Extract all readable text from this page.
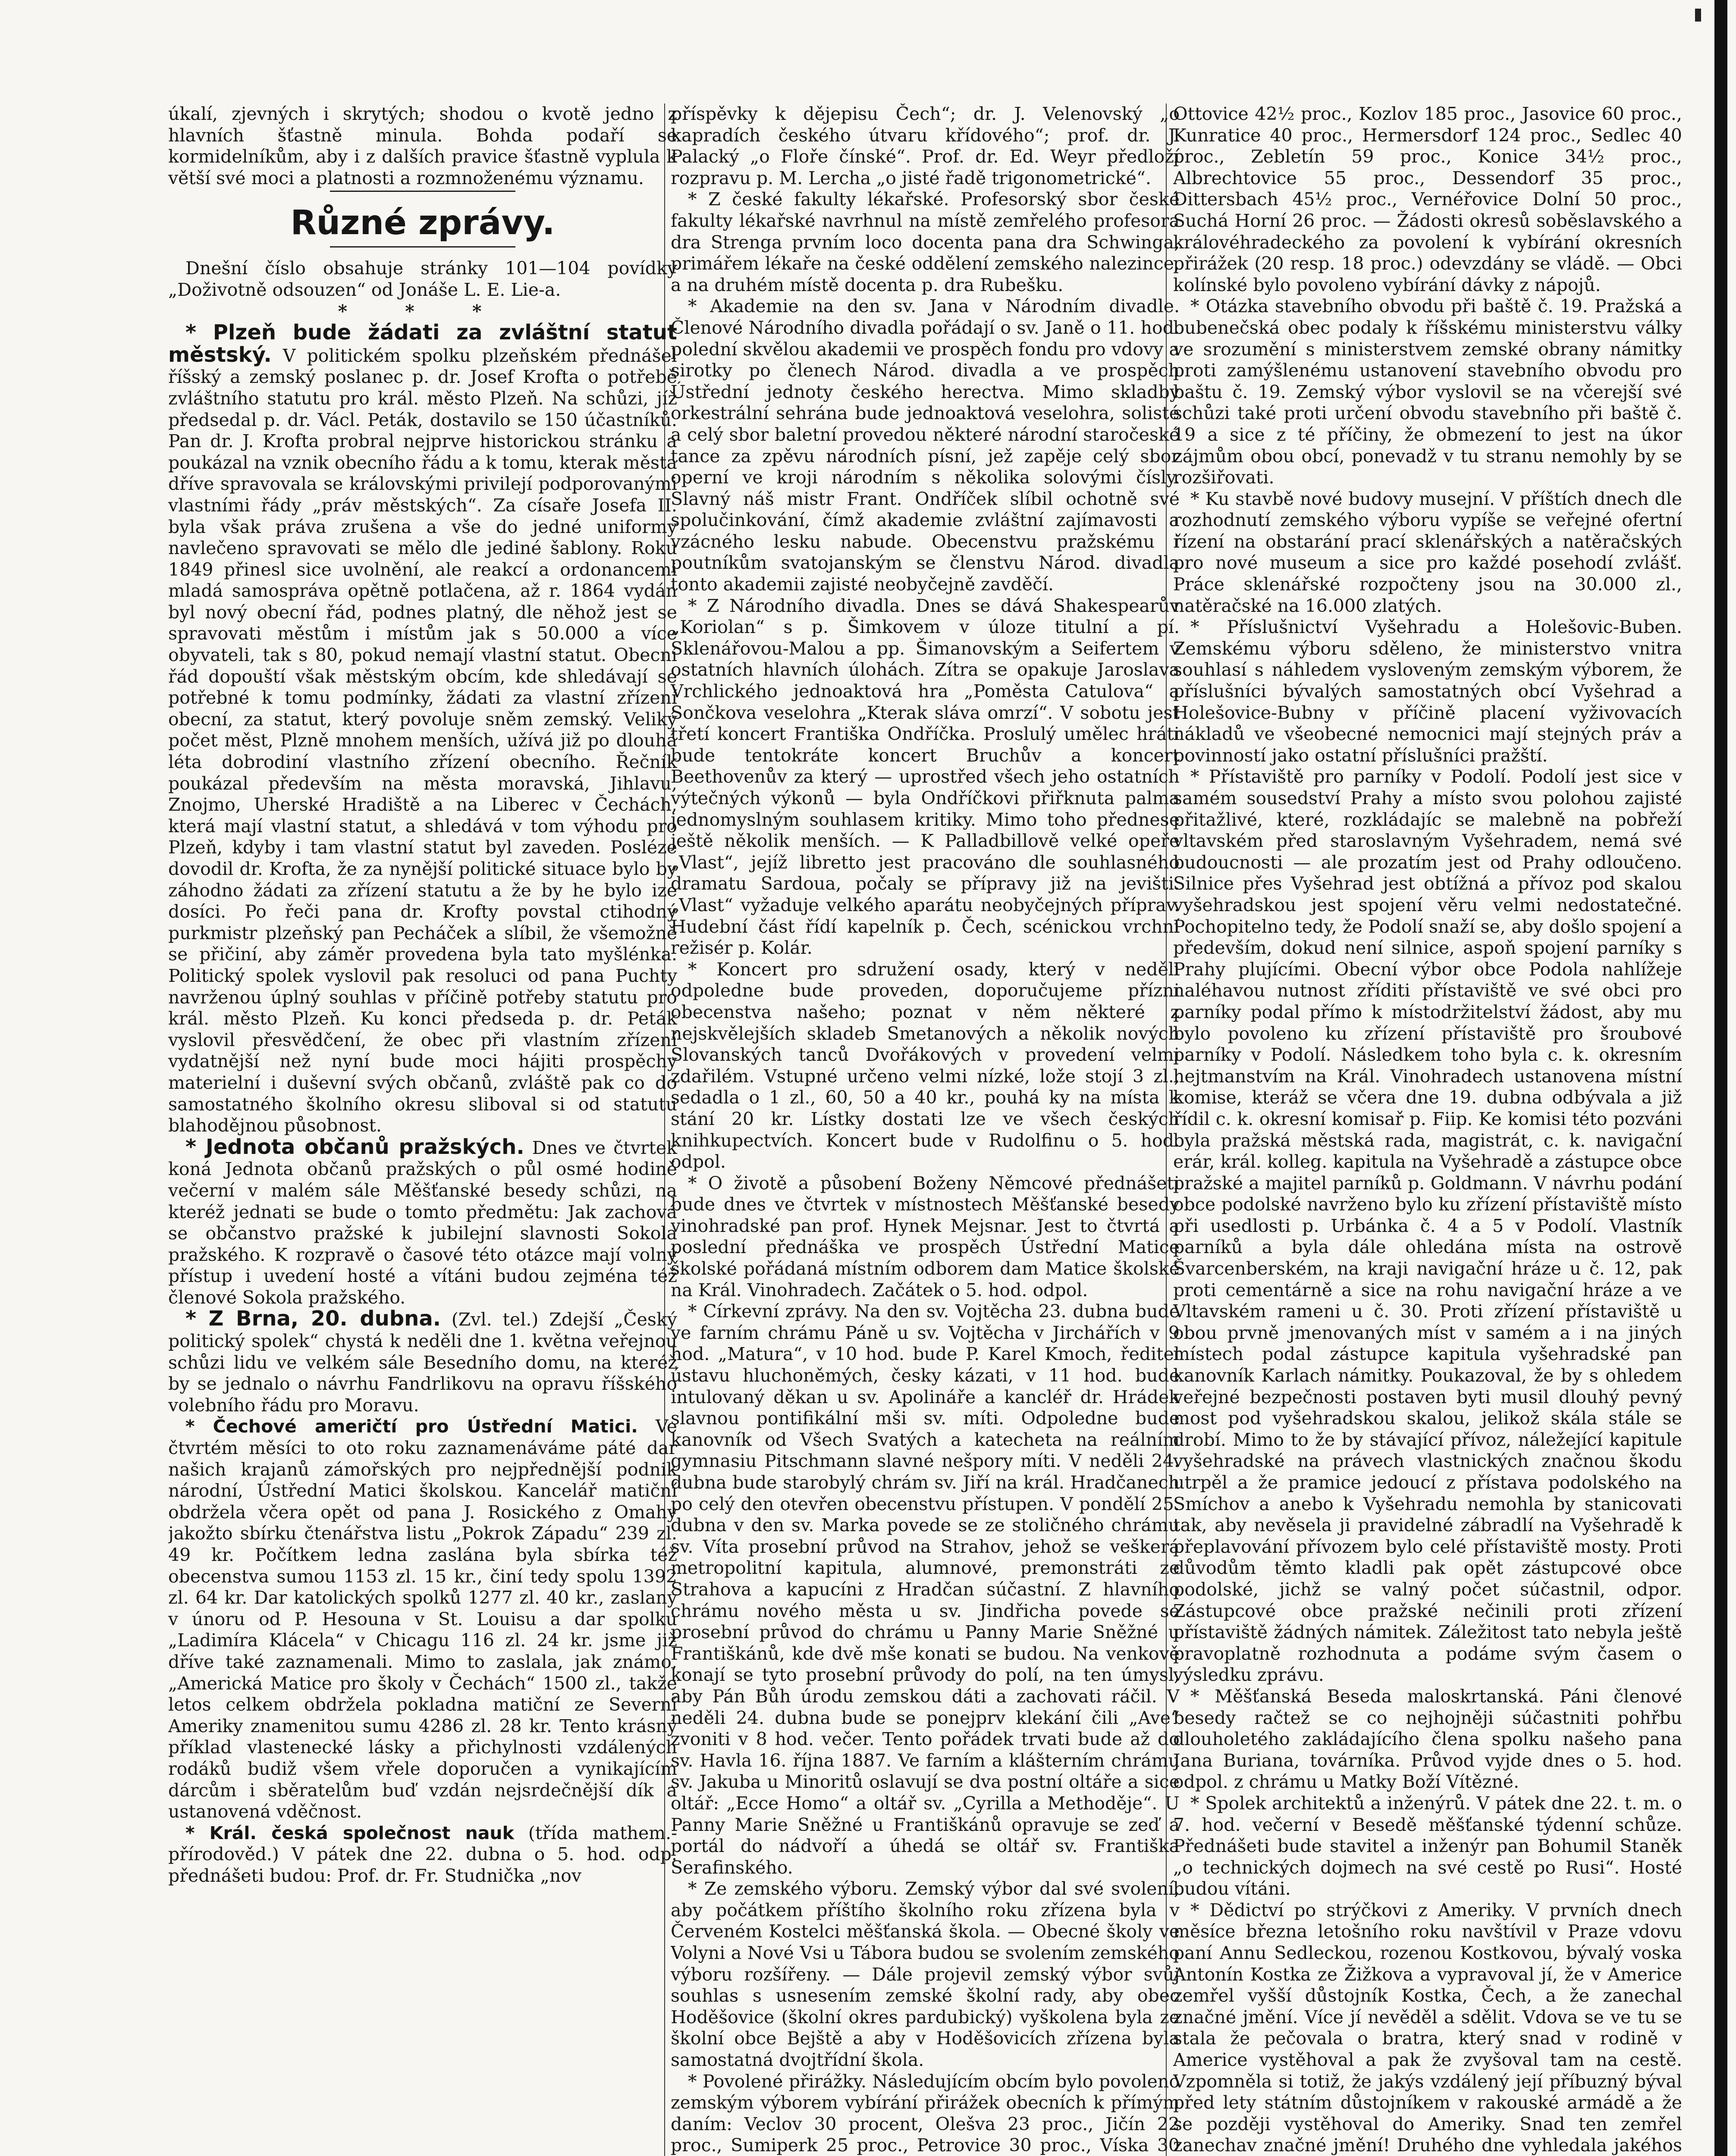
úkalí, zjevných i skrytých; shodou o kvotě jedno z hlavních šťastně minula. Bohda podaří se kormidelníkům, aby i z dalších pravice šťastně vyplula k větší své moci a platnosti a rozmnoženému významu.

Různé zprávy.

Dnešní číslo obsahuje stránky 101—104 povídky „Doživotně odsouzen“ od Jonáše L. E. Lie-a.

* * *

* Plzeň bude žádati za zvláštní statut městský. V politickém spolku plzeňském přednášel říšský a zemský poslanec p. dr. Josef Krofta o potřebě zvláštního statutu pro král. město Plzeň. Na schůzi, jíž předsedal p. dr. Václ. Peták, dostavilo se 150 účastníků. Pan dr. J. Krofta probral nejprve historickou stránku a poukázal na vznik obecního řádu a k tomu, kterak města dříve spravovala se královskými privilejí podporovanými vlastními řády „práv městských“. Za císaře Josefa II. byla však práva zrušena a vše do jedné uniformy navlečeno spravovati se mělo dle jediné šablony. Roku 1849 přinesl sice uvolnění, ale reakcí a ordonancemi mladá samospráva opětně potlačena, až r. 1864 vydán byl nový obecní řád, podnes platný, dle něhož jest se spravovati městům i místům jak s 50.000 a více obyvateli, tak s 80, pokud nemají vlastní statut. Obecní řád dopouští však městským obcím, kde shledávají se potřebné k tomu podmínky, žádati za vlastní zřízení obecní, za statut, který povoluje sněm zemský. Veliký počet měst, Plzně mnohem menších, užívá již po dlouhá léta dobrodiní vlastního zřízení obecního. Řečník poukázal především na města moravská, Jihlavu, Znojmo, Uherské Hradiště a na Liberec v Čechách, která mají vlastní statut, a shledává v tom výhodu pro Plzeň, kdyby i tam vlastní statut byl zaveden. Posléze dovodil dr. Krofta, že za nynější politické situace bylo by záhodno žádati za zřízení statutu a že by he bylo ize dosíci. Po řeči pana dr. Krofty povstal ctihodný purkmistr plzeňský pan Pecháček a slíbil, že všemožně se přičiní, aby záměr provedena byla tato myšlénka. Politický spolek vyslovil pak resoluci od pana Puchty navrženou úplný souhlas v příčině potřeby statutu pro král. město Plzeň. Ku konci předseda p. dr. Peták vyslovil přesvědčení, že obec při vlastním zřízení vydatnější než nyní bude moci hájiti prospěchy materielní i duševní svých občanů, zvláště pak co do samostatného školního okresu sliboval si od statutu blahodějnou působnost.

* Jednota občanů pražských. Dnes ve čtvrtek koná Jednota občanů pražských o půl osmé hodině večerní v malém sále Měšťanské besedy schůzi, na kteréž jednati se bude o tomto předmětu: Jak zachová se občanstvo pražské k jubilejní slavnosti Sokola pražského. K rozpravě o časové této otázce mají volný přístup i uvedení hosté a vítáni budou zejména též členové Sokola pražského.

* Z Brna, 20. dubna. (Zvl. tel.) Zdejší „Český politický spolek“ chystá k neděli dne 1. května veřejnou schůzi lidu ve velkém sále Besedního domu, na kteréž by se jednalo o návrhu Fandrlikovu na opravu říšského volebního řádu pro Moravu.

* Čechové američtí pro Ústřední Matici. Ve čtvrtém měsíci to oto roku zaznamenáváme páté dar našich krajanů zámořských pro nejpřednější podnik národní, Ústřední Matici školskou. Kancelář matiční obdržela včera opět od pana J. Rosického z Omahy jakožto sbírku čtenářstva listu „Pokrok Západu“ 239 zl. 49 kr. Počítkem ledna zaslána byla sbírka též obecenstva sumou 1153 zl. 15 kr., činí tedy spolu 1392 zl. 64 kr. Dar katolických spolků 1277 zl. 40 kr., zaslaný v únoru od P. Hesouna v St. Louisu a dar spolku „Ladimíra Klácela“ v Chicagu 116 zl. 24 kr. jsme již dříve také zaznamenali. Mimo to zaslala, jak známo, „Americká Matice pro školy v Čechách“ 1500 zl., takže letos celkem obdržela pokladna matiční ze Severní Ameriky znamenitou sumu 4286 zl. 28 kr. Tento krásný příklad vlastenecké lásky a přichylnosti vzdálených rodáků budiž všem vřele doporučen a vynikajícím dárcům i sběratelům buď vzdán nejsrdečnější dík a ustanovená vděčnost.

* Král. česká společnost nauk (třída mathem.-přírodověd.) V pátek dne 22. dubna o 5. hod. odp. přednášeti budou: Prof. dr. Fr. Studnička „nov

příspěvky k dějepisu Čech“; dr. J. Velenovský „o kapradích českého útvaru křídového“; prof. dr. J. Palacký „o Floře čínské“. Prof. dr. Ed. Weyr předloží rozpravu p. M. Lercha „o jisté řadě trigonometrické“.

* Z české fakulty lékařské. Profesorský sbor české fakulty lékařské navrhnul na místě zemřelého profesora dra Strenga prvním loco docenta pana dra Schwinga, primářem lékaře na české oddělení zemského nalezince, a na druhém místě docenta p. dra Rubešku.

* Akademie na den sv. Jana v Národním divadle. Členové Národního divadla pořádají o sv. Janě o 11. hod. polední skvělou akademii ve prospěch fondu pro vdovy a sirotky po členech Národ. divadla a ve prospěch Ústřední jednoty českého herectva. Mimo skladby orkestrální sehrána bude jednoaktová veselohra, solisté a celý sbor baletní provedou některé národní staročeské tance za zpěvu národních písní, jež zapěje celý sbor operní ve kroji národním s několika solovými čísly. Slavný náš mistr Frant. Ondříček slíbil ochotně své spolučinkování, čímž akademie zvláštní zajímavosti a vzácného lesku nabude. Obecenstvu pražskému i poutníkům svatojanským se členstvu Národ. divadla tonto akademii zajisté neobyčejně zavděčí.

* Z Národního divadla. Dnes se dává Shakespearův „Koriolan“ s p. Šimkovem v úloze titulní a pí. Sklenářovou-Malou a pp. Šimanovským a Seifertem v ostatních hlavních úlohách. Zítra se opakuje Jaroslava Vrchlického jednoaktová hra „Poměsta Catulova“ a Sončkova veselohra „Kterak sláva omrzí“. V sobotu jest třetí koncert Františka Ondříčka. Proslulý umělec hráti bude tentokráte koncert Bruchův a koncert Beethovenův za který — uprostřed všech jeho ostatních výtečných výkonů — byla Ondříčkovi přiřknuta palma jednomyslným souhlasem kritiky. Mimo toho přednese ještě několik menších. — K Palladbillově velké opeře „Vlast“, jejíž libretto jest pracováno dle souhlasného dramatu Sardoua, počaly se přípravy již na jevišti. „Vlast“ vyžaduje velkého aparátu neobyčejných příprav. Hudební část řídí kapelník p. Čech, scénickou vrchní režisér p. Kolár.

* Koncert pro sdružení osady, který v neděli odpoledne bude proveden, doporučujeme přízni obecenstva našeho; poznat v něm některé z nejskvělejších skladeb Smetanových a několik nových Slovanských tanců Dvořákových v provedení velmi zdařilém. Vstupné určeno velmi nízké, lože stojí 3 zl., sedadla o 1 zl., 60, 50 a 40 kr., pouhá ky na místa k stání 20 kr. Lístky dostati lze ve všech českých knihkupectvích. Koncert bude v Rudolfinu o 5. hod. odpol.

* O životě a působení Boženy Němcové přednášeti bude dnes ve čtvrtek v místnostech Měšťanské besedy vinohradské pan prof. Hynek Mejsnar. Jest to čtvrtá a poslední přednáška ve prospěch Ústřední Matice školské pořádaná místním odborem dam Matice školské na Král. Vinohradech. Začátek o 5. hod. odpol.

* Církevní zprávy. Na den sv. Vojtěcha 23. dubna bude ve farním chrámu Páně u sv. Vojtěcha v Jirchářích v 9 hod. „Matura“, v 10 hod. bude P. Karel Kmoch, ředitel ústavu hluchoněmých, česky kázati, v 11 hod. bude intulovaný děkan u sv. Apolináře a kancléř dr. Hrádek slavnou pontifikální mši sv. míti. Odpoledne bude kanovník od Všech Svatých a katecheta na reálním gymnasiu Pitschmann slavné nešpory míti. V neděli 24. dubna bude starobylý chrám sv. Jiří na král. Hradčanech po celý den otevřen obecenstvu přístupen. V pondělí 25. dubna v den sv. Marka povede se ze stoličného chrámu sv. Víta prosební průvod na Strahov, jehož se veškerá metropolitní kapitula, alumnové, premonstráti ze Strahova a kapucíni z Hradčan súčastní. Z hlavního chrámu nového města u sv. Jindřicha povede se prosební průvod do chrámu u Panny Marie Sněžné u Františkánů, kde dvě mše konati se budou. Na venkově konají se tyto prosební průvody do polí, na ten úmysl, aby Pán Bůh úrodu zemskou dáti a zachovati ráčil. V neděli 24. dubna bude se ponejprv klekání čili „Ave“ zvoniti v 8 hod. večer. Tento pořádek trvati bude až do sv. Havla 16. října 1887. Ve farním a klášterním chrámu sv. Jakuba u Minoritů oslavují se dva postní oltáře a sice oltář: „Ecce Homo“ a oltář sv. „Cyrilla a Methoděje“. U Panny Marie Sněžné u Františkánů opravuje se zeď a portál do nádvoří a úhedá se oltář sv. Františka Serafinského.

* Ze zemského výboru. Zemský výbor dal své svolení, aby počátkem příštího školního roku zřízena byla v Červeném Kostelci měšťanská škola. — Obecné školy ve Volyni a Nové Vsi u Tábora budou se svolením zemského výboru rozšířeny. — Dále projevil zemský výbor svůj souhlas s usnesením zemské školní rady, aby obec Hoděšovice (školní okres pardubický) vyškolena byla ze školní obce Bejště a aby v Hoděšovicích zřízena byla samostatná dvojtřídní škola.

* Povolené přirážky. Následujícím obcím bylo povoleno zemským výborem vybírání přirážek obecních k přímým daním: Veclov 30 procent, Olešva 23 proc., Jičín 22 proc., Sumiperk 25 proc., Petrovice 30 proc., Víska 30

Ottovice 42½ proc., Kozlov 185 proc., Jasovice 60 proc., Kunratice 40 proc., Hermersdorf 124 proc., Sedlec 40 proc., Zebletín 59 proc., Konice 34½ proc., Albrechtovice 55 proc., Dessendorf 35 proc., Dittersbach 45½ proc., Vernéřovice Dolní 50 proc., Suchá Horní 26 proc. — Žádosti okresů soběslavského a královéhradeckého za povolení k vybírání okresních přirážek (20 resp. 18 proc.) odevzdány se vládě. — Obci kolínské bylo povoleno vybírání dávky z nápojů.

* Otázka stavebního obvodu při baště č. 19. Pražská a bubenečská obec podaly k říšskému ministerstvu války ve srozumění s ministerstvem zemské obrany námitky proti zamýšlenému ustanovení stavebního obvodu pro baštu č. 19. Zemský výbor vyslovil se na včerejší své schůzi také proti určení obvodu stavebního při baště č. 19 a sice z té příčiny, že obmezení to jest na úkor zájmům obou obcí, ponevadž v tu stranu nemohly by se rozšiřovati.

* Ku stavbě nové budovy musejní. V příštích dnech dle rozhodnutí zemského výboru vypíše se veřejné ofertní řízení na obstarání prací sklenářských a natěračských pro nové museum a sice pro každé posehodí zvlášť. Práce sklenářské rozpočteny jsou na 30.000 zl., natěračské na 16.000 zlatých.

* Příslušnictví Vyšehradu a Holešovic-Buben. Zemskému výboru sděleno, že ministerstvo vnitra souhlasí s náhledem vysloveným zemským výborem, že příslušníci bývalých samostatných obcí Vyšehrad a Holešovice-Bubny v příčině placení vyživovacích nákladů ve všeobecné nemocnici mají stejných práv a povinností jako ostatní příslušníci pražští.

* Přístaviště pro parníky v Podolí. Podolí jest sice v samém sousedství Prahy a místo svou polohou zajisté přitažlivé, které, rozkládajíc se malebně na pobřeží vltavském před staroslavným Vyšehradem, nemá své budoucnosti — ale prozatím jest od Prahy odloučeno. Silnice přes Vyšehrad jest obtížná a přívoz pod skalou vyšehradskou jest spojení věru velmi nedostatečné. Pochopitelno tedy, že Podolí snaží se, aby došlo spojení a především, dokud není silnice, aspoň spojení parníky s Prahy plujícími. Obecní výbor obce Podola nahlížeje naléhavou nutnost zříditi přístaviště ve své obci pro parníky podal přímo k místodržitelství žádost, aby mu bylo povoleno ku zřízení přístaviště pro šroubové parníky v Podolí. Následkem toho byla c. k. okresním hejtmanstvím na Král. Vinohradech ustanovena místní komise, kteráž se včera dne 19. dubna odbývala a již řídil c. k. okresní komisař p. Fiip. Ke komisi této pozváni byla pražská městská rada, magistrát, c. k. navigační erár, král. kolleg. kapitula na Vyšehradě a zástupce obce pražské a majitel parníků p. Goldmann. V návrhu podání obce podolské navrženo bylo ku zřízení přístaviště místo při usedlosti p. Urbánka č. 4 a 5 v Podolí. Vlastník parníků a byla dále ohledána místa na ostrově Švarcenberském, na kraji navigační hráze u č. 12, pak proti cementárně a sice na rohu navigační hráze a ve Vltavském rameni u č. 30. Proti zřízení přístaviště u obou prvně jmenovaných míst v samém a i na jiných místech podal zástupce kapitula vyšehradské pan kanovník Karlach námitky. Poukazoval, že by s ohledem veřejné bezpečnosti postaven byti musil dlouhý pevný most pod vyšehradskou skalou, jelikož skála stále se drobí. Mimo to že by stávající přívoz, náležející kapitule vyšehradské na právech vlastnických značnou škodu utrpěl a že pramice jedoucí z přístava podolského na Smíchov a anebo k Vyšehradu nemohla by stanicovati tak, aby nevěsela ji pravidelné zábradlí na Vyšehradě k přeplavování přívozem bylo celé přístaviště mosty. Proti důvodům těmto kladli pak opět zástupcové obce podolské, jichž se valný počet súčastnil, odpor. Zástupcové obce pražské nečinili proti zřízení přístaviště žádných námitek. Záležitost tato nebyla ještě pravoplatně rozhodnuta a podáme svým časem o výsledku zprávu.

* Měšťanská Beseda maloskrtanská. Páni členové besedy račtež se co nejhojněji súčastniti pohřbu dlouholetého zakládajícího člena spolku našeho pana Jana Buriana, továrníka. Průvod vyjde dnes o 5. hod. odpol. z chrámu u Matky Boží Vítězné.

* Spolek architektů a inženýrů. V pátek dne 22. t. m. o 7. hod. večerní v Besedě měšťanské týdenní schůze. Přednášeti bude stavitel a inženýr pan Bohumil Staněk „o technických dojmech na své cestě po Rusi“. Hosté budou vítáni.

* Dědictví po strýčkovi z Ameriky. V prvních dnech měsíce března letošního roku navštívil v Praze vdovu paní Annu Sedleckou, rozenou Kostkovou, bývalý voska Antonín Kostka ze Žižkova a vypravoval jí, že v Americe zemřel vyšší důstojník Kostka, Čech, a že zanechal značné jmění. Více jí nevěděl a sdělit. Vdova se ve tu se stala že pečovala o bratra, který snad v rodině v Americe vystěhoval a pak že zvyšoval tam na cestě. Vzpomněla si totiž, že jakýs vzdálený její příbuzný býval před lety státním důstojníkem v rakouské armádě a že se později vystěhoval do Ameriky. Snad ten zemřel zanechav značné jmění! Druhého dne vyhledala jakéhos
